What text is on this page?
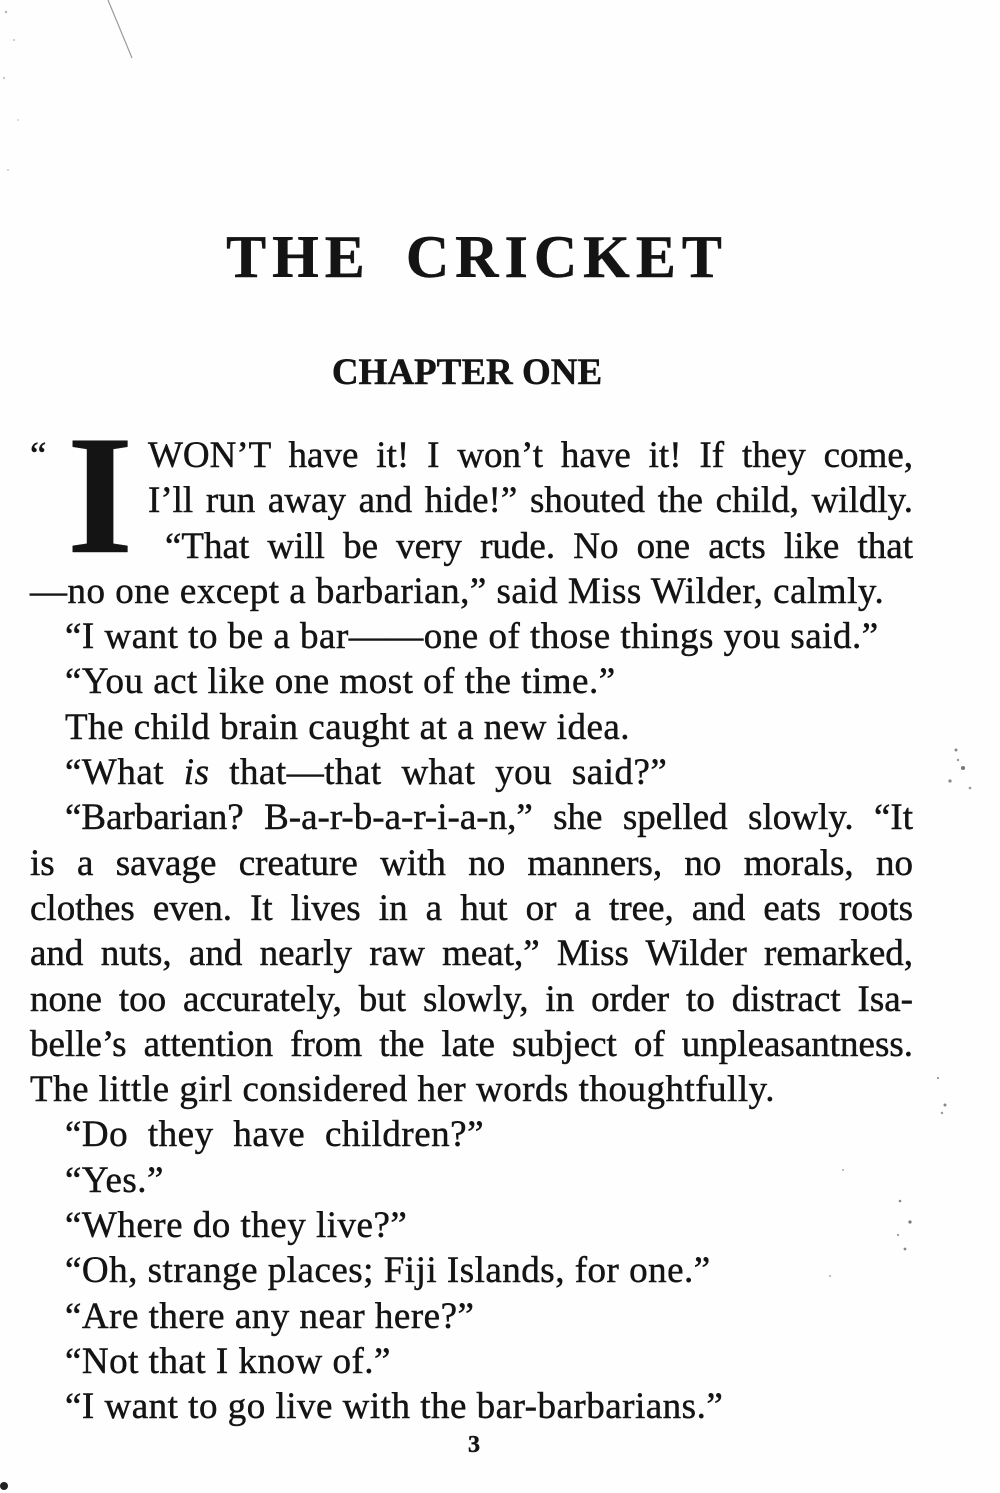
THE CRICKET
CHAPTER ONE
“ I WON’T have it! I won’t have it! If they come,
I’ll run away and hide!” shouted the child, wildly.
“That will be very rude. No one acts like that
—no one except a barbarian,” said Miss Wilder, calmly.
“I want to be a bar——one of those things you said.”
“You act like one most of the time.”
The child brain caught at a new idea.
“What is that—that what you said?”
“Barbarian? B-a-r-b-a-r-i-a-n,” she spelled slowly. “It
is a savage creature with no manners, no morals, no
clothes even. It lives in a hut or a tree, and eats roots
and nuts, and nearly raw meat,” Miss Wilder remarked,
none too accurately, but slowly, in order to distract Isa-
belle’s attention from the late subject of unpleasantness.
The little girl considered her words thoughtfully.
“Do they have children?”
“Yes.”
“Where do they live?”
“Oh, strange places; Fiji Islands, for one.”
“Are there any near here?”
“Not that I know of.”
“I want to go live with the bar-barbarians.”
3
